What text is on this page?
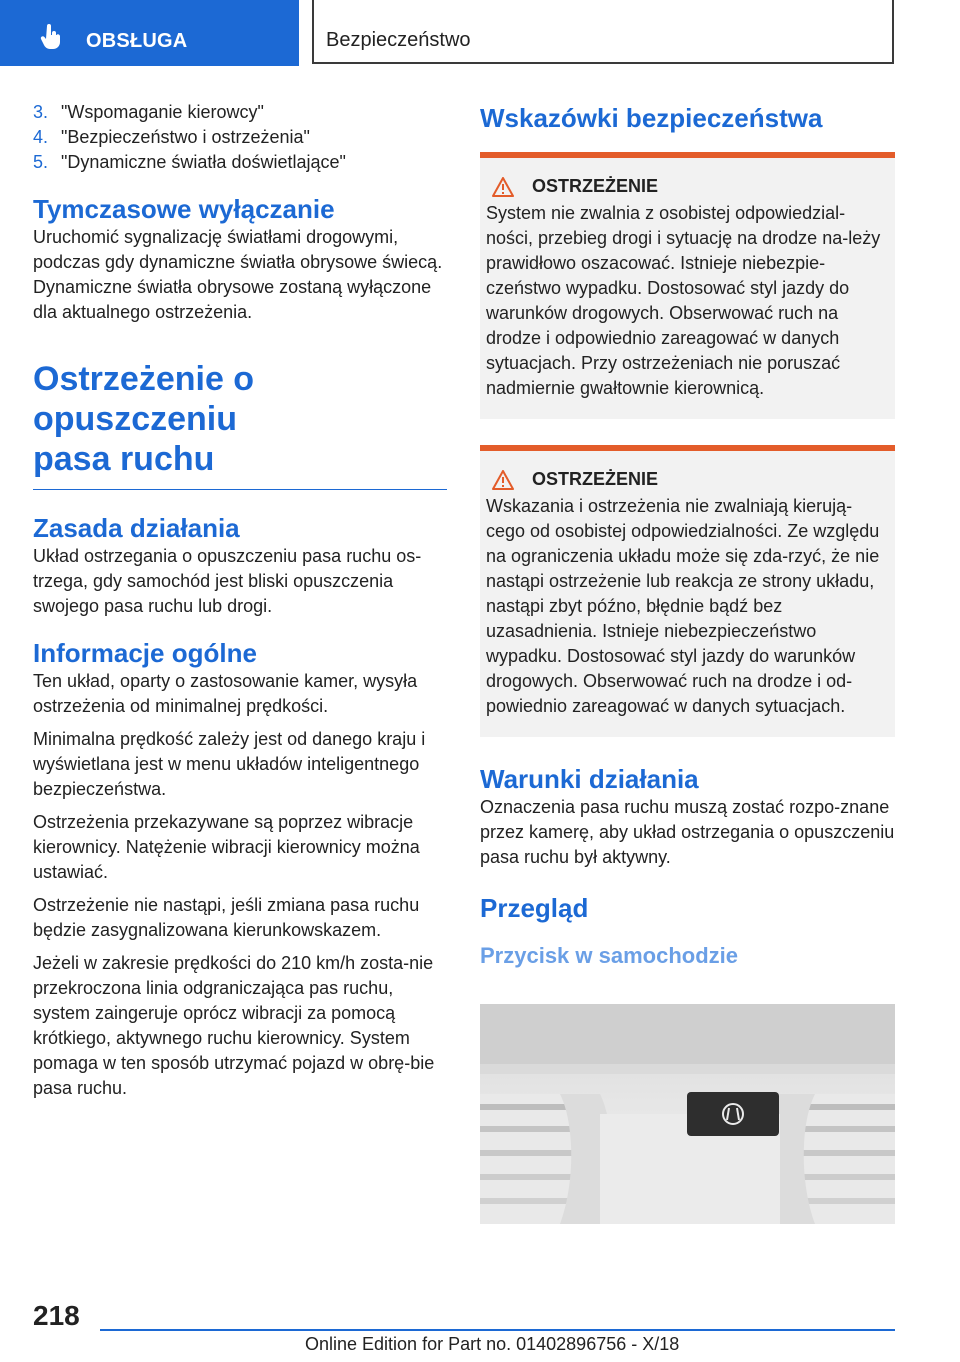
OBSŁUGA	Bezpieczeństwo
3. "Wspomaganie kierowcy"
4. "Bezpieczeństwo i ostrzeżenia"
5. "Dynamiczne światła doświetlające"
Tymczasowe wyłączanie

Uruchomić sygnalizację światłami drogowymi, podczas gdy dynamiczne światła obrysowe świecą. Dynamiczne światła obrysowe zostaną wyłączone dla aktualnego ostrzeżenia.

Ostrzeżenie o opuszczeniu
pasa ruchu
Zasada działania

Układ ostrzegania o opuszczeniu pasa ruchu os-trzega, gdy samochód jest bliski opuszczenia swojego pasa ruchu lub drogi.

Informacje ogólne

Ten układ, oparty o zastosowanie kamer, wysyła ostrzeżenia od minimalnej prędkości.

Minimalna prędkość zależy jest od danego kraju i wyświetlana jest w menu układów inteligentnego bezpieczeństwa.

Ostrzeżenia przekazywane są poprzez wibracje kierownicy. Natężenie wibracji kierownicy można ustawiać.

Ostrzeżenie nie nastąpi, jeśli zmiana pasa ruchu będzie zasygnalizowana kierunkowskazem.

Jeżeli w zakresie prędkości do 210 km/h zosta-nie przekroczona linia odgraniczająca pas ruchu, system zaingeruje oprócz wibracji za pomocą krótkiego, aktywnego ruchu kierownicy. System pomaga w ten sposób utrzymać pojazd w obrę-bie pasa ruchu.

Wskazówki bezpieczeństwa
OSTRZEŻENIE

System nie zwalnia z osobistej odpowiedzial-ności, przebieg drogi i sytuację na drodze na-leży prawidłowo oszacować. Istnieje niebezpie-czeństwo wypadku. Dostosować styl jazdy do warunków drogowych. Obserwować ruch na drodze i odpowiednio zareagować w danych sytuacjach. Przy ostrzeżeniach nie poruszać nadmiernie gwałtownie kierownicą.

OSTRZEŻENIE

Wskazania i ostrzeżenia nie zwalniają kierują-cego od osobistej odpowiedzialności. Ze względu na ograniczenia układu może się zda-rzyć, że nie nastąpi ostrzeżenie lub reakcja ze strony układu, nastąpi zbyt późno, błędnie bądź bez uzasadnienia. Istnieje niebezpieczeństwo wypadku. Dostosować styl jazdy do warunków drogowych. Obserwować ruch na drodze i od-powiednio zareagować w danych sytuacjach.

Warunki działania

Oznaczenia pasa ruchu muszą zostać rozpo-znane przez kamerę, aby układ ostrzegania o opuszczeniu pasa ruchu był aktywny.

Przegląd
Przycisk w samochodzie
218
Online Edition for Part no. 01402896756 - X/18
